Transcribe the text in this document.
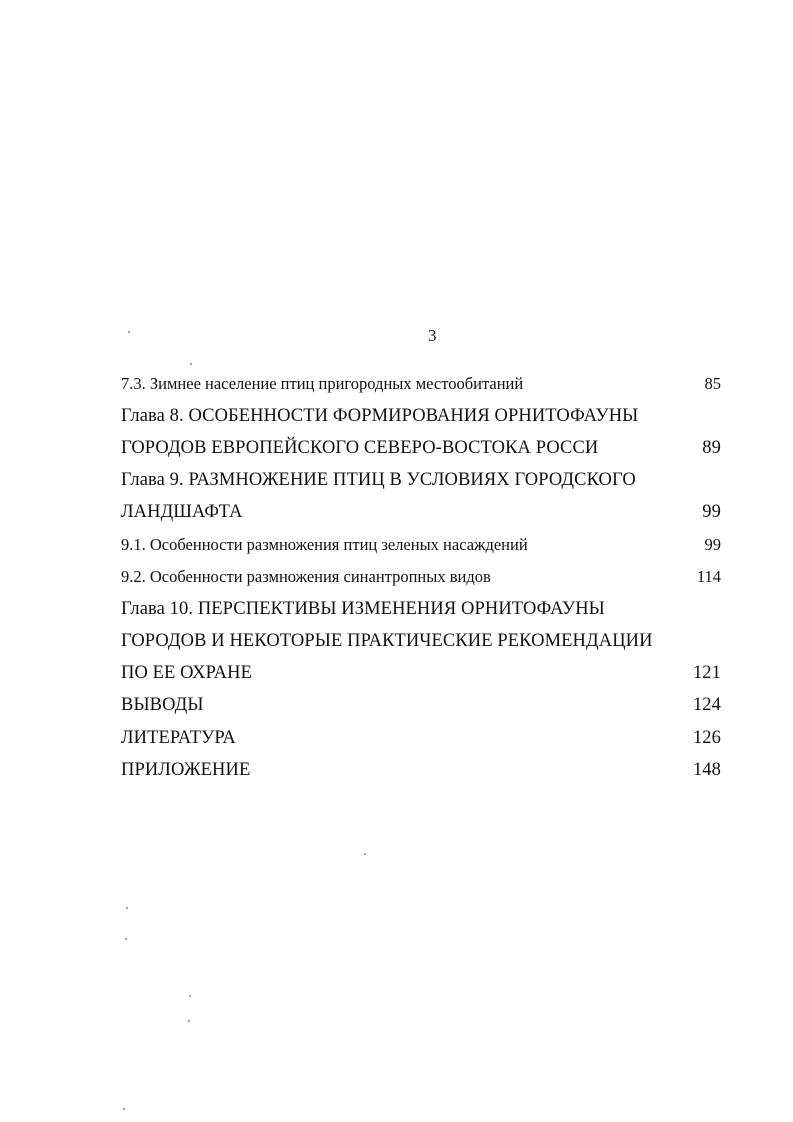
3
7.3. Зимнее население птиц пригородных местообитаний	85
Глава 8. ОСОБЕННОСТИ ФОРМИРОВАНИЯ ОРНИТОФАУНЫ
ГОРОДОВ ЕВРОПЕЙСКОГО СЕВЕРО-ВОСТОКА РОССИ	89
Глава 9. РАЗМНОЖЕНИЕ ПТИЦ В УСЛОВИЯХ ГОРОДСКОГО
ЛАНДШАФТА	99
9.1. Особенности размножения птиц зеленых насаждений	99
9.2. Особенности размножения синантропных видов	114
Глава 10. ПЕРСПЕКТИВЫ ИЗМЕНЕНИЯ ОРНИТОФАУНЫ
ГОРОДОВ И НЕКОТОРЫЕ ПРАКТИЧЕСКИЕ РЕКОМЕНДАЦИИ
ПО ЕЕ ОХРАНЕ	121
ВЫВОДЫ	124
ЛИТЕРАТУРА	126
ПРИЛОЖЕНИЕ	148
